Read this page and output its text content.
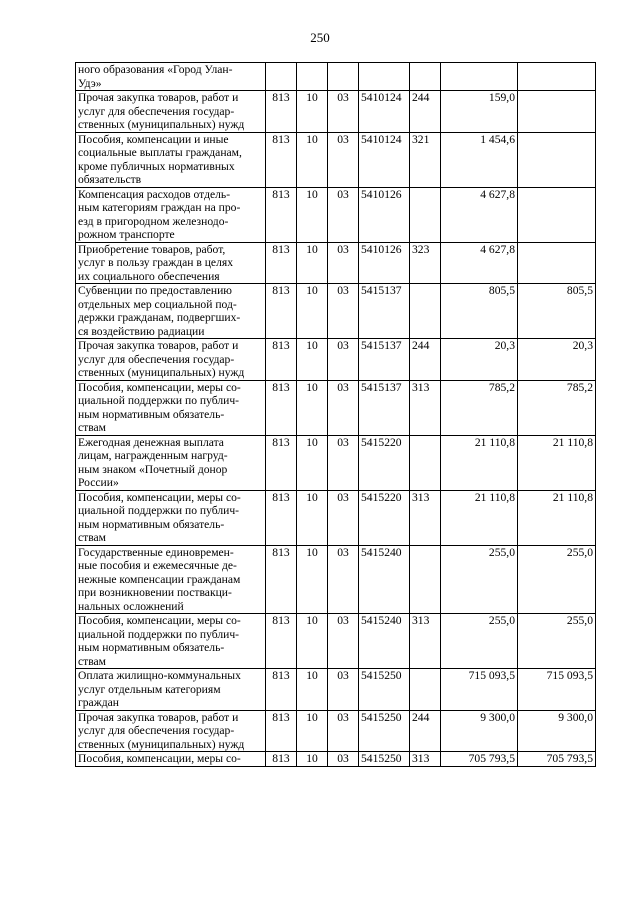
250
ного образования «Город Улан-
Удэ»							

Прочая закупка товаров, работ и
услуг для обеспечения государ-
ственных (муниципальных) нужд	813	10	03	5410124	244	159,0	

Пособия, компенсации и иные
социальные выплаты гражданам,
кроме публичных нормативных
обязательств	813	10	03	5410124	321	1 454,6	

Компенсация расходов отдель-
ным категориям граждан на про-
езд в пригородном железнодо-
рожном транспорте	813	10	03	5410126		4 627,8	

Приобретение товаров, работ,
услуг в пользу граждан в целях
их социального обеспечения	813	10	03	5410126	323	4 627,8	

Субвенции по предоставлению
отдельных мер социальной под-
держки гражданам, подвергших-
ся воздействию радиации	813	10	03	5415137		805,5	805,5

Прочая закупка товаров, работ и
услуг для обеспечения государ-
ственных (муниципальных) нужд	813	10	03	5415137	244	20,3	20,3

Пособия, компенсации, меры со-
циальной поддержки по публич-
ным нормативным обязатель-
ствам	813	10	03	5415137	313	785,2	785,2

Ежегодная денежная выплата
лицам, награжденным нагруд-
ным знаком «Почетный донор
России»	813	10	03	5415220		21 110,8	21 110,8

Пособия, компенсации, меры со-
циальной поддержки по публич-
ным нормативным обязатель-
ствам	813	10	03	5415220	313	21 110,8	21 110,8

Государственные единовремен-
ные пособия и ежемесячные де-
нежные компенсации гражданам
при возникновении поствакци-
нальных осложнений	813	10	03	5415240		255,0	255,0

Пособия, компенсации, меры со-
циальной поддержки по публич-
ным нормативным обязатель-
ствам	813	10	03	5415240	313	255,0	255,0

Оплата жилищно-коммунальных
услуг отдельным категориям
граждан	813	10	03	5415250		715 093,5	715 093,5

Прочая закупка товаров, работ и
услуг для обеспечения государ-
ственных (муниципальных) нужд	813	10	03	5415250	244	9 300,0	9 300,0

Пособия, компенсации, меры со-	813	10	03	5415250	313	705 793,5	705 793,5
